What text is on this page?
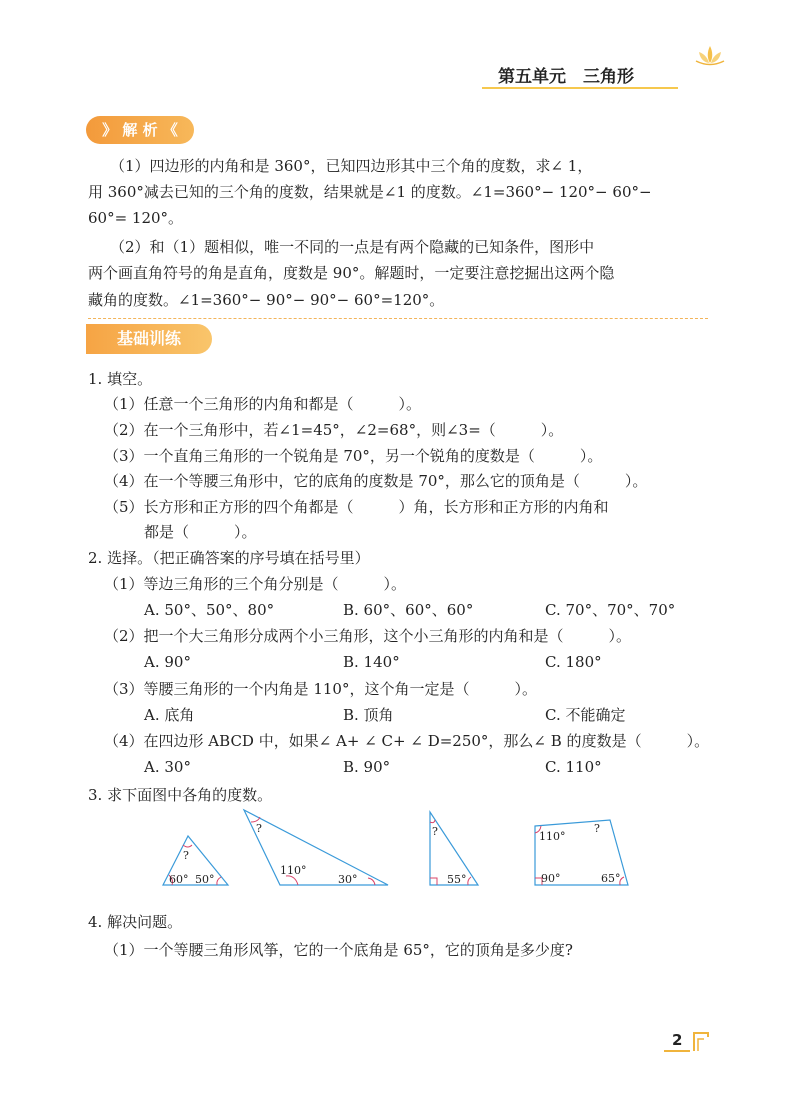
第五单元　三角形
》 解 析 《
（1）四边形的内角和是 360°，已知四边形其中三个角的度数，求∠ 1，
用 360°减去已知的三个角的度数，结果就是∠1 的度数。∠1=360°− 120°− 60°−
60°= 120°。
（2）和（1）题相似，唯一不同的一点是有两个隐藏的已知条件，图形中
两个画直角符号的角是直角，度数是 90°。解题时，一定要注意挖掘出这两个隐
藏角的度数。∠1=360°− 90°− 90°− 60°=120°。
基础训练
1. 填空。
（1）任意一个三角形的内角和都是（　　　）。
（2）在一个三角形中，若∠1=45°，∠2=68°，则∠3=（　　　）。
（3）一个直角三角形的一个锐角是 70°，另一个锐角的度数是（　　　）。
（4）在一个等腰三角形中，它的底角的度数是 70°，那么它的顶角是（　　　）。
（5）长方形和正方形的四个角都是（　　　）角，长方形和正方形的内角和
都是（　　　）。
2. 选择。（把正确答案的序号填在括号里）
（1）等边三角形的三个角分别是（　　　）。
A. 50°、50°、80°	B. 60°、60°、60°	C. 70°、70°、70°
（2）把一个大三角形分成两个小三角形，这个小三角形的内角和是（　　　）。
A. 90°	B. 140°	C. 180°
（3）等腰三角形的一个内角是 110°，这个角一定是（　　　）。
A. 底角	B. 顶角	C. 不能确定
（4）在四边形 ABCD 中，如果∠ A+ ∠ C+ ∠ D=250°，那么∠ B 的度数是（　　　）。
A. 30°	B. 90°	C. 110°
3. 求下面图中各角的度数。
?
60° 50°
?
110°
30°
?
55°
110°
?
90°	65°
4. 解决问题。
（1）一个等腰三角形风筝，它的一个底角是 65°，它的顶角是多少度?
2
